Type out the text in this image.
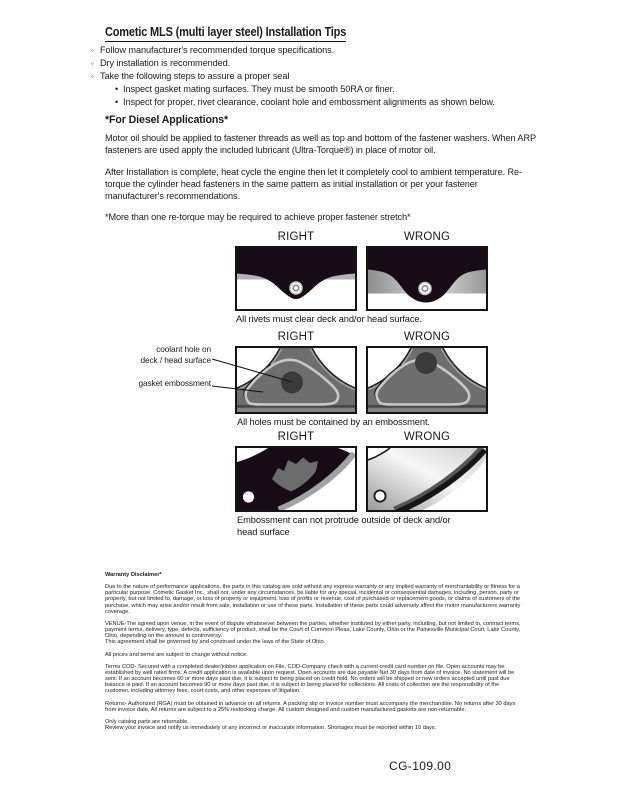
Cometic MLS (multi layer steel) Installation Tips
◦ Follow manufacturer's recommended torque specifications.
◦ Dry installation is recommended.
◦ Take the following steps to assure a proper seal
• Inspect gasket mating surfaces. They must be smooth 50RA or finer.
• Inspect for proper, rivet clearance, coolant hole and embossment alignments as shown below.
*For Diesel Applications*

Motor oil should be applied to fastener threads as well as top and bottom of the fastener washers. When ARP fasteners are used apply the included lubricant (Ultra-Torque®) in place of motor oil.

After Installation is complete, heat cycle the engine then let it completely cool to ambient temperature. Re-torque the cylinder head fasteners in the same pattern as initial installation or per your fastener manufacturer's recommendations.

*More than one re-torque may be required to achieve proper fastener stretch*

RIGHT	WRONG
All rivets must clear deck and/or head surface.
RIGHT	WRONG
coolant hole on
deck / head surface
gasket embossment
All holes must be contained by an embossment.
RIGHT	WRONG
Embossment can not protrude outside of deck and/or head surface

Warranty Disclaimer*

Due to the nature of performance applications, the parts in this catalog are sold without any express warranty or any implied warranty of merchantability or fitness for a particular purpose. Cometic Gasket Inc., shall not, under any circumstances, be liable for any special, incidental or consequential damages, including, person, party or property, but not limited to, damage, or loss of property or equipment, loss of profits or revenue, cost of purchased or replacement goods, or claims of customers of the purchase, which may arise and/or result from sale, installation or use of these parts. Installation of these parts could adversely affect the motor manufacturers warranty coverage.

VENUE-The agreed upon venue, in the event of dispute whatsoever between the parties, whether instituted by either party, including, but not limited to, contract terms, payment terms, delivery, type, defects, sufficiency of product, shall be the Court of Common Pleas, Lake County, Ohio or the Painesville Municipal Court, Lake County, Ohio, depending on the amount in controversy.

This agreement shall be governed by and construed under the laws of the State of Ohio.

All prices and terms are subject to change without notice.

Terms COD- Secured with a completed dealer/jobber application on File, COD-Company check with a current credit card number on file. Open accounts may be established by well rated firms. A credit application is available upon request. Open accounts are due payable Net 30 days from date of invoice. No statement will be sent. If an account becomes 60 or more days past due, it is subject to being placed on credit hold. No orders will be shipped or new orders accepted until past due balance is paid. If an account becomes 90 or more days past due, it is subject to being placed for collections. All costs of collection are the responsibility of the customer, including attorney fees, court costs, and other expenses of litigation.

Returns- Authorized (RGA) must be obtained in advance on all returns. A packing slip or invoice number must accompany the merchandise. No returns after 30 days from invoice date. All returns are subject to a 25% restocking charge. All custom designed and custom manufactured gaskets are non-returnable.

Only catalog parts are returnable.

Review your invoice and notify us immediately of any incorrect or inaccurate information. Shortages must be reported within 10 days.

CG-109.00
